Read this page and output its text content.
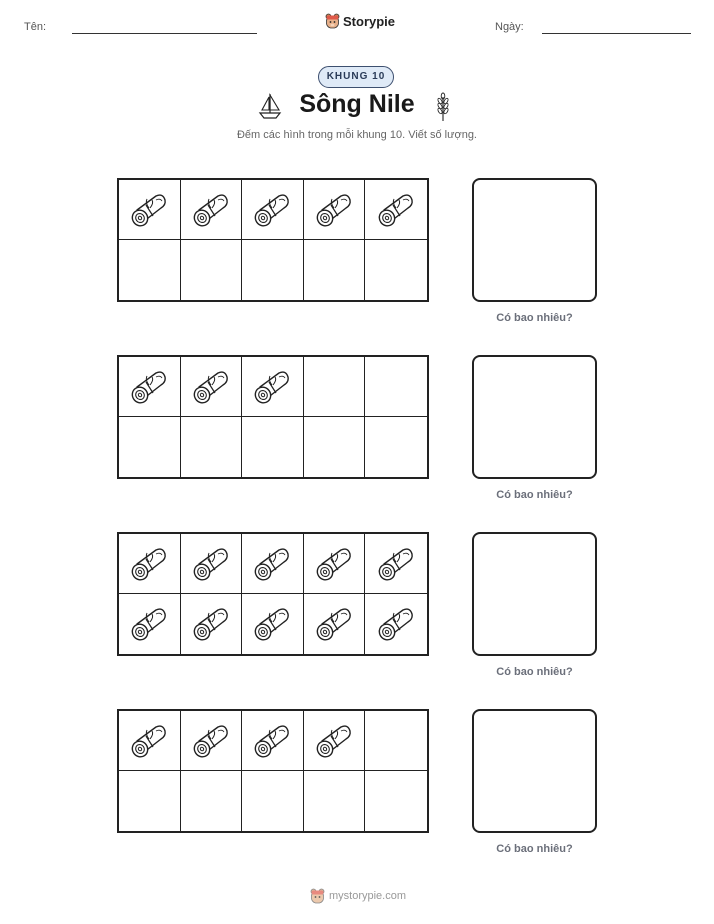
Tên:	Storypie	Ngày:
KHUNG 10
Sông Nile
Đếm các hình trong mỗi khung 10. Viết số lượng.
Có bao nhiêu?
Có bao nhiêu?
Có bao nhiêu?
Có bao nhiêu?
mystorypie.com
